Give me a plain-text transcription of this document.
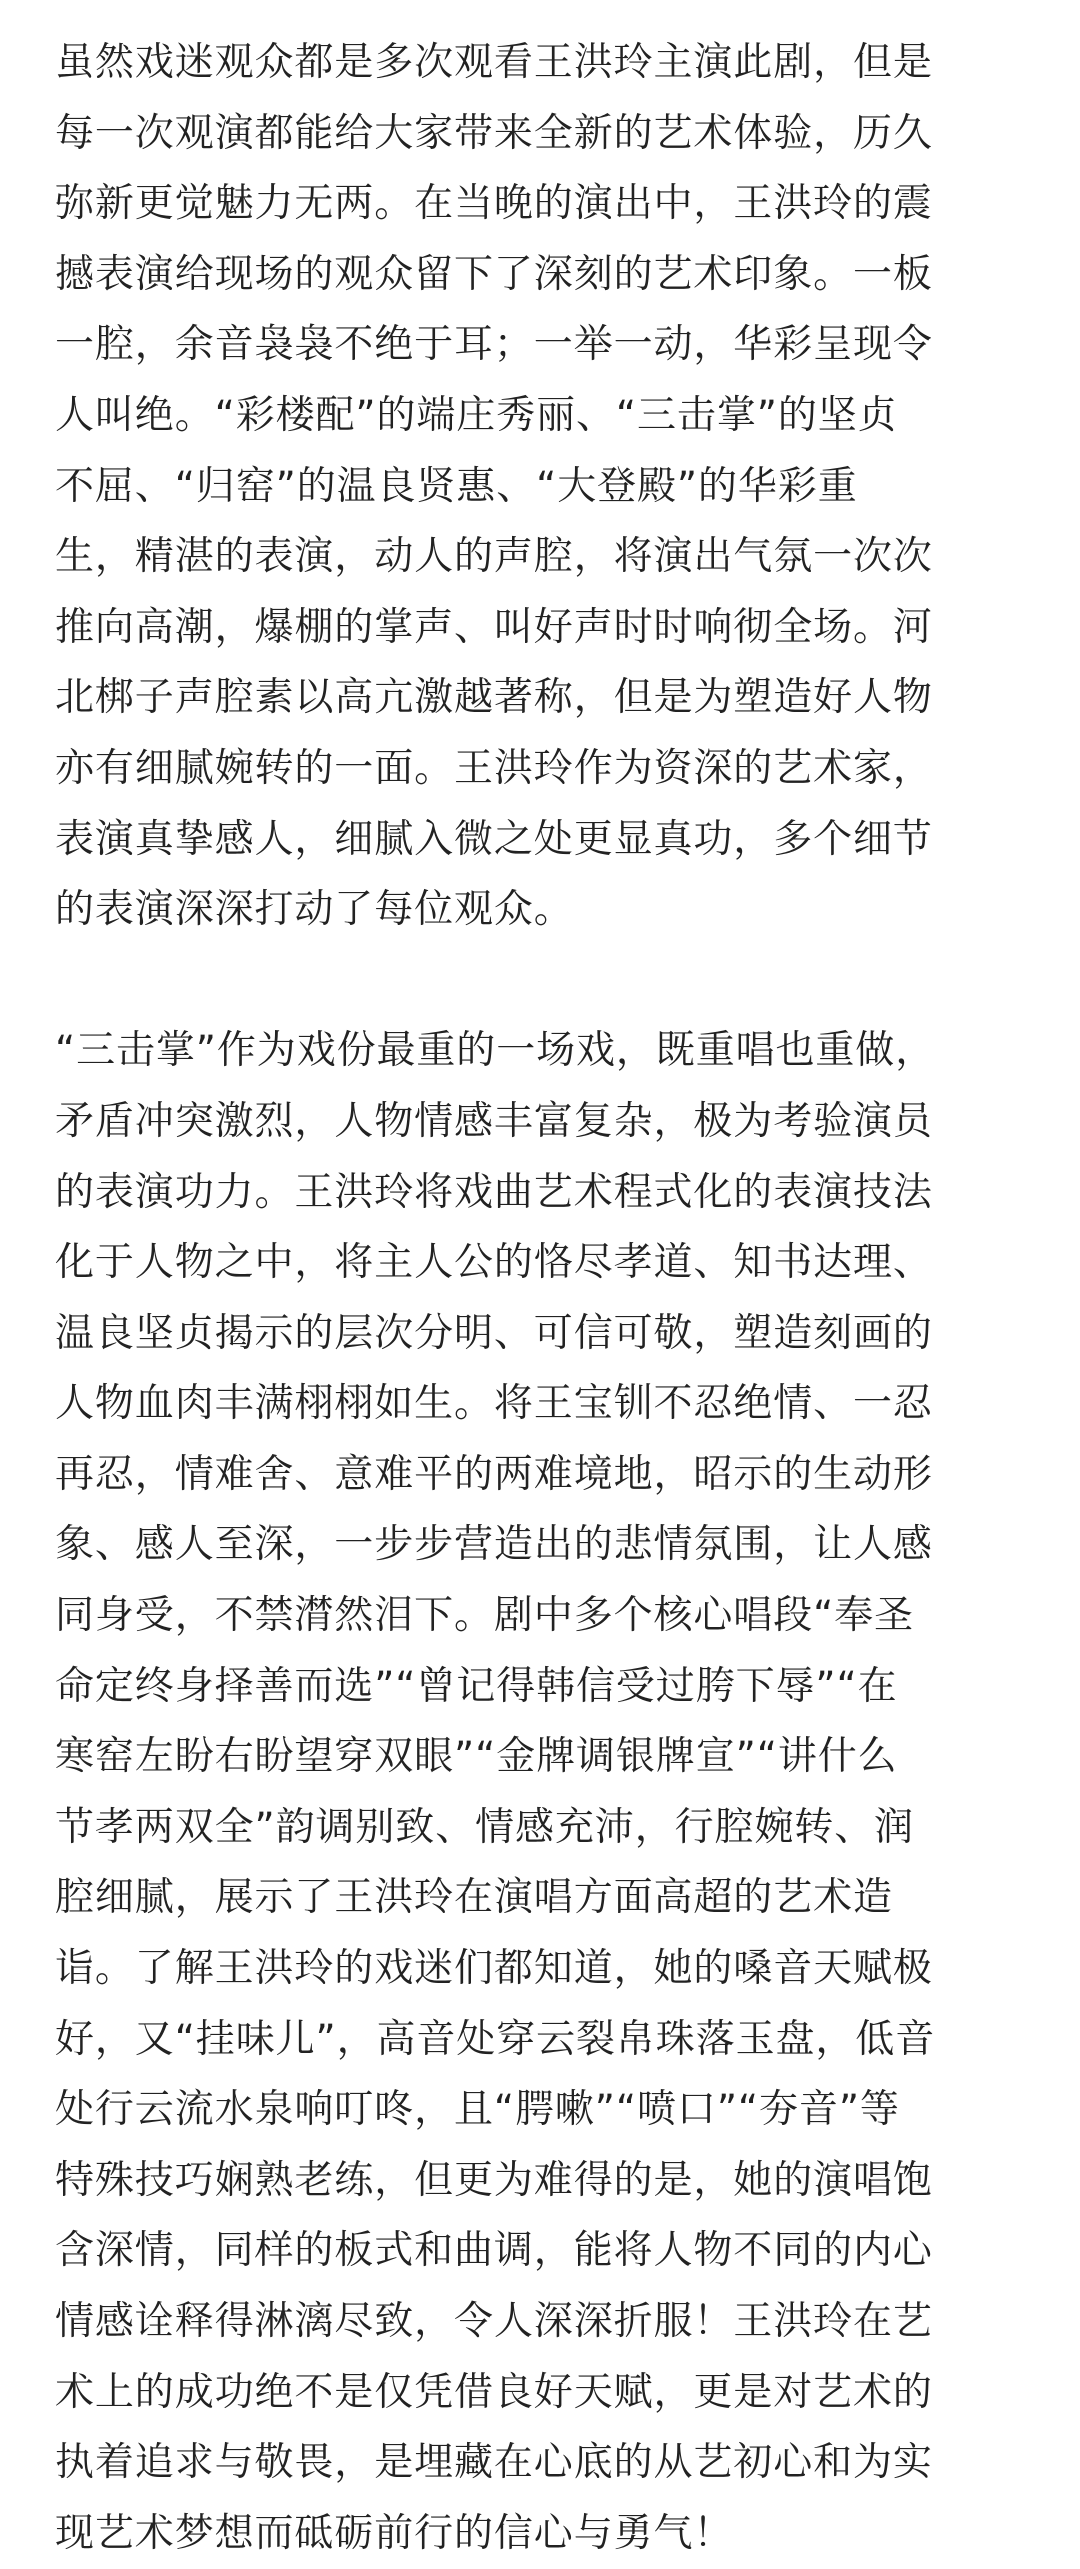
虽然戏迷观众都是多次观看王洪玲主演此剧，但是
每一次观演都能给大家带来全新的艺术体验，历久
弥新更觉魅力无两。在当晚的演出中，王洪玲的震
撼表演给现场的观众留下了深刻的艺术印象。一板
一腔，余音袅袅不绝于耳；一举一动，华彩呈现令
人叫绝。“彩楼配”的端庄秀丽、“三击掌”的坚贞
不屈、“归窑”的温良贤惠、“大登殿”的华彩重
生，精湛的表演，动人的声腔，将演出气氛一次次
推向高潮，爆棚的掌声、叫好声时时响彻全场。河
北梆子声腔素以高亢激越著称，但是为塑造好人物
亦有细腻婉转的一面。王洪玲作为资深的艺术家，
表演真挚感人，细腻入微之处更显真功，多个细节
的表演深深打动了每位观众。
“三击掌”作为戏份最重的一场戏，既重唱也重做，
矛盾冲突激烈，人物情感丰富复杂，极为考验演员
的表演功力。王洪玲将戏曲艺术程式化的表演技法
化于人物之中，将主人公的恪尽孝道、知书达理、
温良坚贞揭示的层次分明、可信可敬，塑造刻画的
人物血肉丰满栩栩如生。将王宝钏不忍绝情、一忍
再忍，情难舍、意难平的两难境地，昭示的生动形
象、感人至深，一步步营造出的悲情氛围，让人感
同身受，不禁潸然泪下。剧中多个核心唱段“奉圣
命定终身择善而选”“曾记得韩信受过胯下辱”“在
寒窑左盼右盼望穿双眼”“金牌调银牌宣”“讲什么
节孝两双全”韵调别致、情感充沛，行腔婉转、润
腔细腻，展示了王洪玲在演唱方面高超的艺术造
诣。了解王洪玲的戏迷们都知道，她的嗓音天赋极
好，又“挂味儿”，高音处穿云裂帛珠落玉盘，低音
处行云流水泉响叮咚，且“腭嗽”“喷口”“夯音”等
特殊技巧娴熟老练，但更为难得的是，她的演唱饱
含深情，同样的板式和曲调，能将人物不同的内心
情感诠释得淋漓尽致，令人深深折服！王洪玲在艺
术上的成功绝不是仅凭借良好天赋，更是对艺术的
执着追求与敬畏，是埋藏在心底的从艺初心和为实
现艺术梦想而砥砺前行的信心与勇气！
